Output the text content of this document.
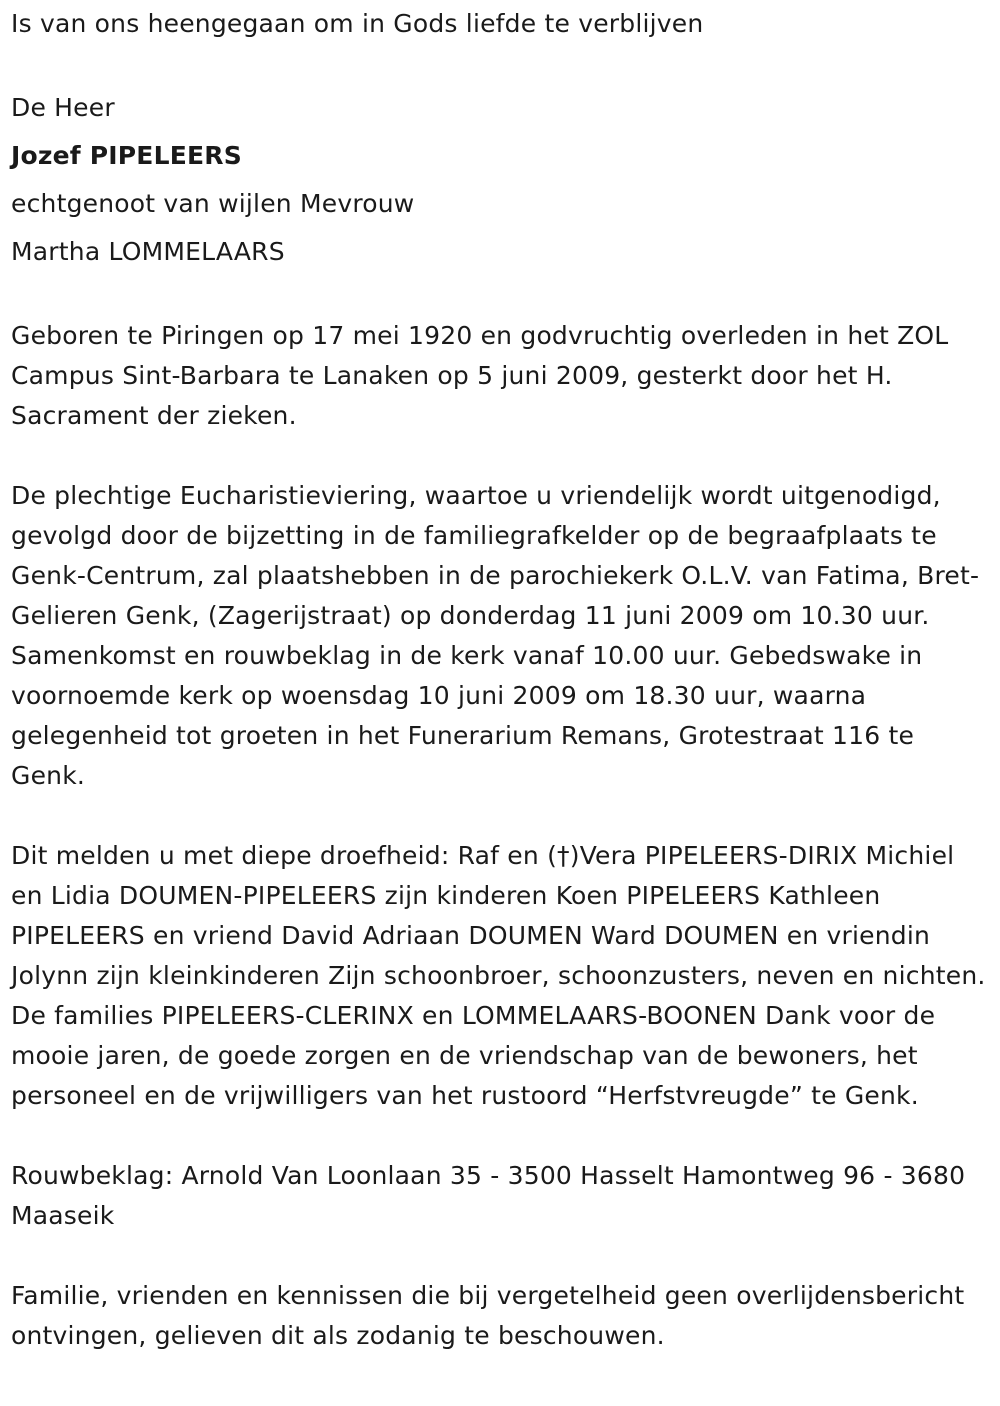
Is van ons heengegaan om in Gods liefde te verblijven
De Heer
Jozef PIPELEERS
echtgenoot van wijlen Mevrouw
Martha LOMMELAARS
Geboren te Piringen op 17 mei 1920 en godvruchtig overleden in het ZOL Campus Sint-Barbara te Lanaken op 5 juni 2009, gesterkt door het H. Sacrament der zieken.
De plechtige Eucharistieviering, waartoe u vriendelijk wordt uitgenodigd, gevolgd door de bijzetting in de familiegrafkelder op de begraafplaats te Genk-Centrum, zal plaatshebben in de parochiekerk O.L.V. van Fatima, Bret-Gelieren Genk, (Zagerijstraat) op donderdag 11 juni 2009 om 10.30 uur. Samenkomst en rouwbeklag in de kerk vanaf 10.00 uur. Gebedswake in voornoemde kerk op woensdag 10 juni 2009 om 18.30 uur, waarna gelegenheid tot groeten in het Funerarium Remans, Grotestraat 116 te Genk.
Dit melden u met diepe droefheid: Raf en (†)Vera PIPELEERS-DIRIX Michiel en Lidia DOUMEN-PIPELEERS zijn kinderen Koen PIPELEERS Kathleen PIPELEERS en vriend David Adriaan DOUMEN Ward DOUMEN en vriendin Jolynn zijn kleinkinderen Zijn schoonbroer, schoonzusters, neven en nichten. De families PIPELEERS-CLERINX en LOMMELAARS-BOONEN Dank voor de mooie jaren, de goede zorgen en de vriendschap van de bewoners, het personeel en de vrijwilligers van het rustoord “Herfstvreugde” te Genk.
Rouwbeklag: Arnold Van Loonlaan 35 - 3500 Hasselt Hamontweg 96 - 3680 Maaseik
Familie, vrienden en kennissen die bij vergetelheid geen overlijdensbericht ontvingen, gelieven dit als zodanig te beschouwen.
